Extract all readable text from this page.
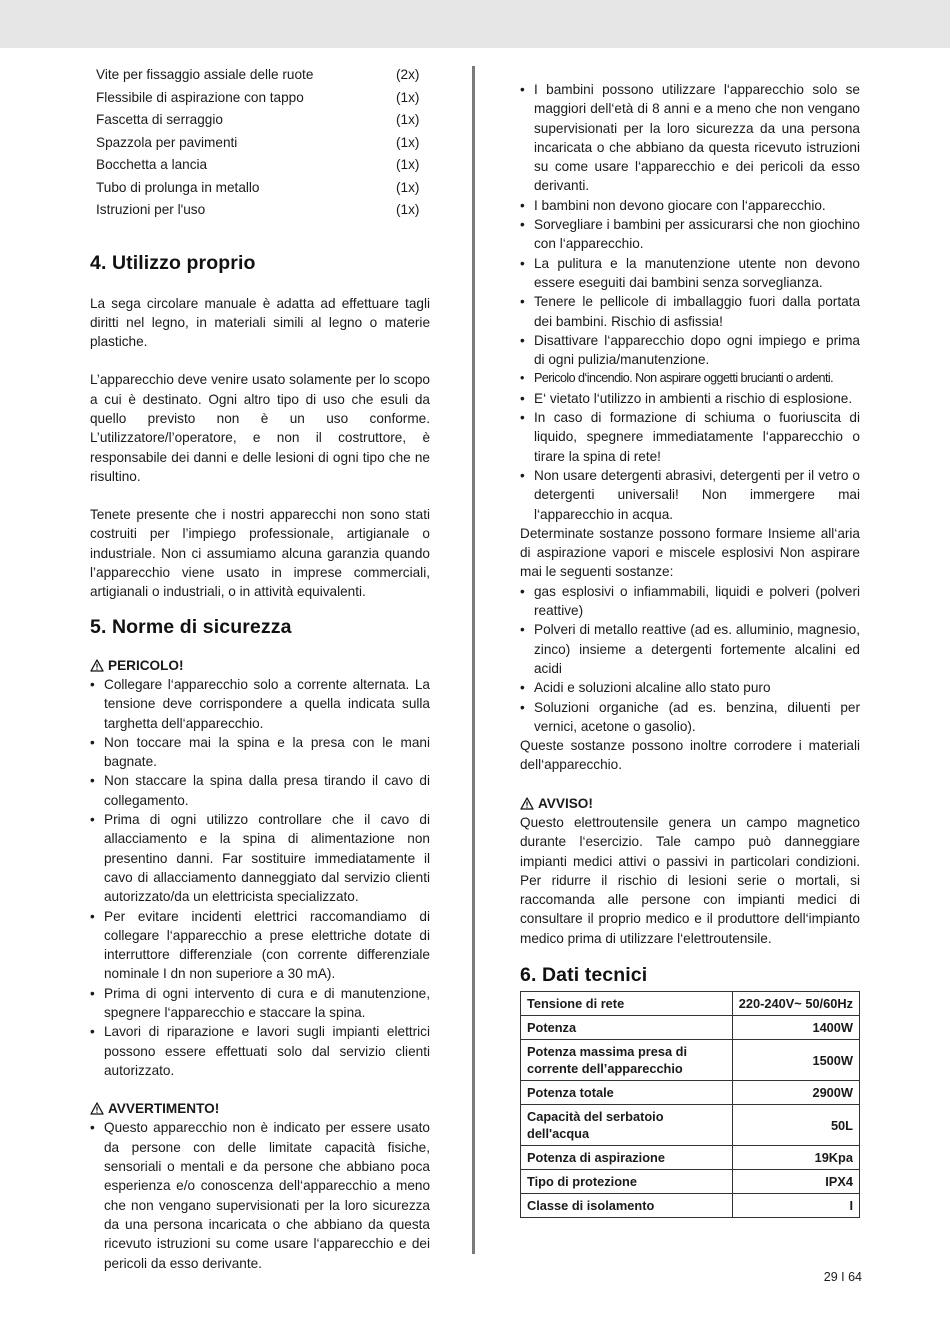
Vite per fissaggio assiale delle ruote	(2x)
Flessibile di aspirazione con tappo	(1x)
Fascetta di serraggio	(1x)
Spazzola per pavimenti	(1x)
Bocchetta a lancia	(1x)
Tubo di prolunga in metallo	(1x)
Istruzioni per l'uso	(1x)
4. Utilizzo proprio

La sega circolare manuale è adatta ad effettuare tagli diritti nel legno, in materiali simili al legno o materie plastiche.

L’apparecchio deve venire usato solamente per lo scopo a cui è destinato. Ogni altro tipo di uso che esuli da quello previsto non è un uso conforme. L’utilizzatore/l’operatore, e non il costruttore, è responsabile dei danni e delle lesioni di ogni tipo che ne risultino.

Tenete presente che i nostri apparecchi non sono stati costruiti per l’impiego professionale, artigianale o industriale. Non ci assumiamo alcuna garanzia quando l’apparecchio viene usato in imprese commerciali, artigianali o industriali, o in attività equivalenti.

5. Norme di sicurezza
PERICOLO!
• Collegare l‘apparecchio solo a corrente alternata. La tensione deve corrispondere a quella indicata sulla targhetta dell‘apparecchio.
• Non toccare mai la spina e la presa con le mani bagnate.
• Non staccare la spina dalla presa tirando il cavo di collegamento.
• Prima di ogni utilizzo controllare che il cavo di allacciamento e la spina di alimentazione non presentino danni. Far sostituire immediatamente il cavo di allacciamento danneggiato dal servizio clienti autorizzato/da un elettricista specializzato.
• Per evitare incidenti elettrici raccomandiamo di collegare l‘apparecchio a prese elettriche dotate di interruttore differenziale (con corrente differenziale nominale I dn non superiore a 30 mA).
• Prima di ogni intervento di cura e di manutenzione, spegnere l‘apparecchio e staccare la spina.
• Lavori di riparazione e lavori sugli impianti elettrici possono essere effettuati solo dal servizio clienti autorizzato.
AVVERTIMENTO!
• Questo apparecchio non è indicato per essere usato da persone con delle limitate capacità fisiche, sensoriali o mentali e da persone che abbiano poca esperienza e/o conoscenza dell‘apparecchio a meno che non vengano supervisionati per la loro sicurezza da una persona incaricata o che abbiano da questa ricevuto istruzioni su come usare l‘apparecchio e dei pericoli da esso derivante.
• I bambini possono utilizzare l‘apparecchio solo se maggiori dell‘età di 8 anni e a meno che non vengano supervisionati per la loro sicurezza da una persona incaricata o che abbiano da questa ricevuto istruzioni su come usare l‘apparecchio e dei pericoli da esso derivanti.
• I bambini non devono giocare con l‘apparecchio.
• Sorvegliare i bambini per assicurarsi che non giochino con l‘apparecchio.
• La pulitura e la manutenzione utente non devono essere eseguiti dai bambini senza sorveglianza.
• Tenere le pellicole di imballaggio fuori dalla portata dei bambini. Rischio di asfissia!
• Disattivare l‘apparecchio dopo ogni impiego e prima di ogni pulizia/manutenzione.
• Pericolo d‘incendio. Non aspirare oggetti brucianti o ardenti.
• E‘ vietato l‘utilizzo in ambienti a rischio di esplosione.
• In caso di formazione di schiuma o fuoriuscita di liquido, spegnere immediatamente l‘apparecchio o tirare la spina di rete!
• Non usare detergenti abrasivi, detergenti per il vetro o detergenti universali! Non immergere mai l‘apparecchio in acqua.

Determinate sostanze possono formare Insieme all‘aria di aspirazione vapori e miscele esplosivi Non aspirare mai le seguenti sostanze:

• gas esplosivi o infiammabili, liquidi e polveri (polveri reattive)
• Polveri di metallo reattive (ad es. alluminio, magnesio, zinco) insieme a detergenti fortemente alcalini ed acidi
• Acidi e soluzioni alcaline allo stato puro
• Soluzioni organiche (ad es. benzina, diluenti per vernici, acetone o gasolio).

Queste sostanze possono inoltre corrodere i materiali dell‘apparecchio.

AVVISO!

Questo elettroutensile genera un campo magnetico durante l‘esercizio. Tale campo può danneggiare impianti medici attivi o passivi in particolari condizioni. Per ridurre il rischio di lesioni serie o mortali, si raccomanda alle persone con impianti medici di consultare il proprio medico e il produttore dell‘impianto medico prima di utilizzare l‘elettroutensile.

6. Dati tecnici
Tensione di rete	220-240V~ 50/60Hz
Potenza	1400W
Potenza massima presa di corrente dell’apparecchio	1500W
Potenza totale	2900W
Capacità del serbatoio dell'acqua	50L
Potenza di aspirazione	19Kpa
Tipo di protezione	IPX4
Classe di isolamento	I
29 I 64
